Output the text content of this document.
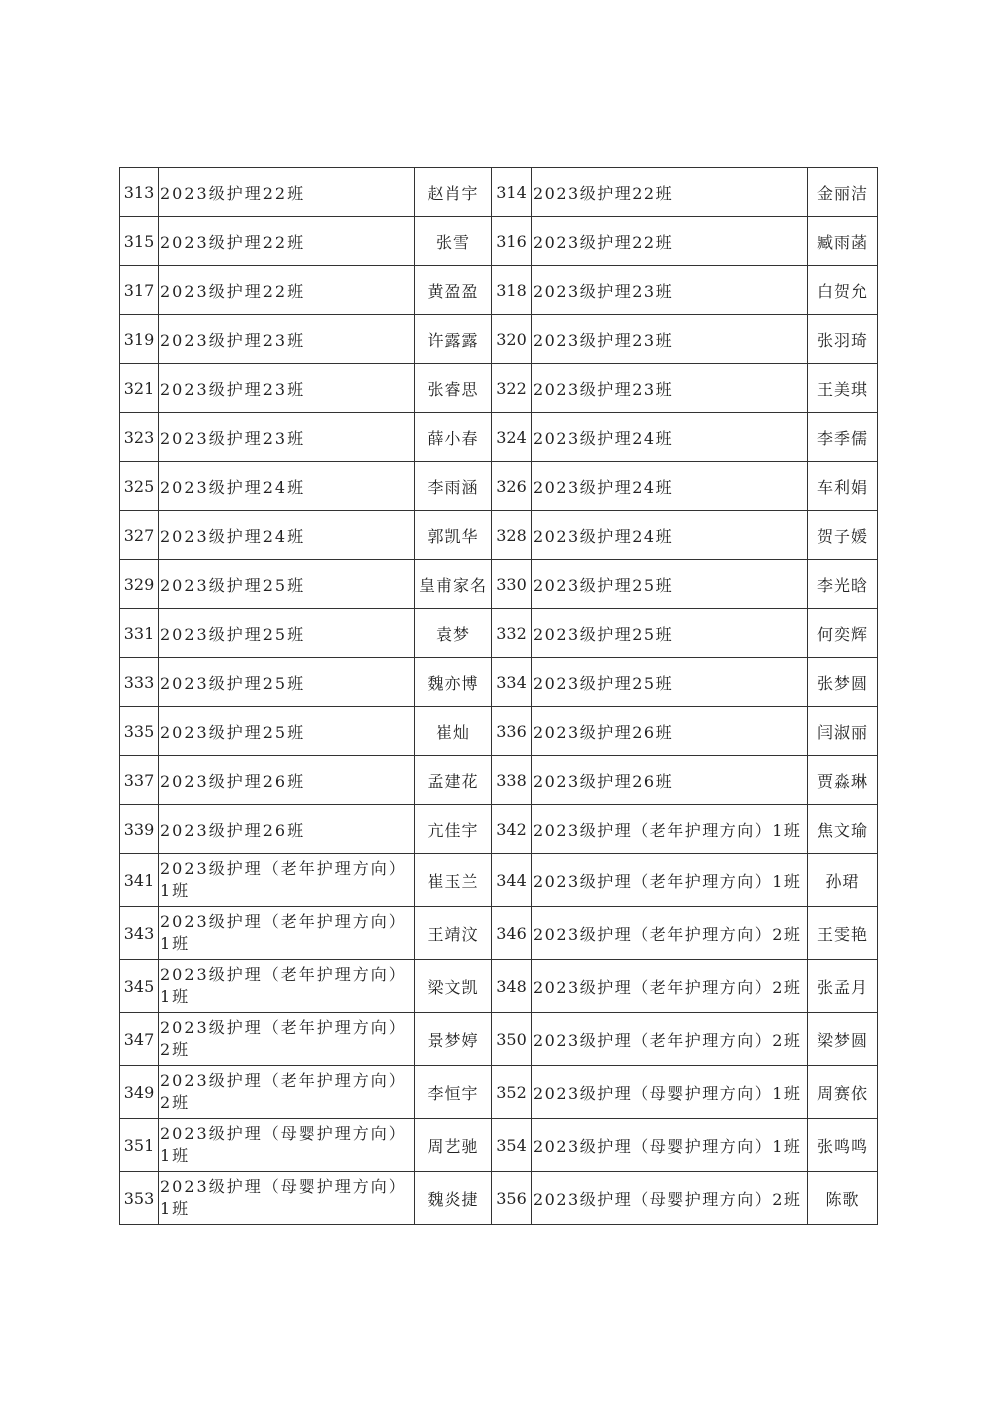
313	2023级护理22班	赵肖宇	314	2023级护理22班	金丽洁
315	2023级护理22班	张雪	316	2023级护理22班	臧雨菡
317	2023级护理22班	黄盈盈	318	2023级护理23班	白贺允
319	2023级护理23班	许露露	320	2023级护理23班	张羽琦
321	2023级护理23班	张睿思	322	2023级护理23班	王美琪
323	2023级护理23班	薛小春	324	2023级护理24班	李季儒
325	2023级护理24班	李雨涵	326	2023级护理24班	车利娟
327	2023级护理24班	郭凯华	328	2023级护理24班	贺子媛
329	2023级护理25班	皇甫家名	330	2023级护理25班	李光晗
331	2023级护理25班	袁梦	332	2023级护理25班	何奕辉
333	2023级护理25班	魏亦博	334	2023级护理25班	张梦圆
335	2023级护理25班	崔灿	336	2023级护理26班	闫淑丽
337	2023级护理26班	孟建花	338	2023级护理26班	贾淼琳
339	2023级护理26班	亢佳宇	342	2023级护理（老年护理方向）1班	焦文瑜
341	2023级护理（老年护理方向）1班	崔玉兰	344	2023级护理（老年护理方向）1班	孙珺
343	2023级护理（老年护理方向）1班	王靖汶	346	2023级护理（老年护理方向）2班	王雯艳
345	2023级护理（老年护理方向）1班	梁文凯	348	2023级护理（老年护理方向）2班	张孟月
347	2023级护理（老年护理方向）2班	景梦婷	350	2023级护理（老年护理方向）2班	梁梦圆
349	2023级护理（老年护理方向）2班	李恒宇	352	2023级护理（母婴护理方向）1班	周赛依
351	2023级护理（母婴护理方向）1班	周艺驰	354	2023级护理（母婴护理方向）1班	张鸣鸣
353	2023级护理（母婴护理方向）1班	魏炎捷	356	2023级护理（母婴护理方向）2班	陈歌
